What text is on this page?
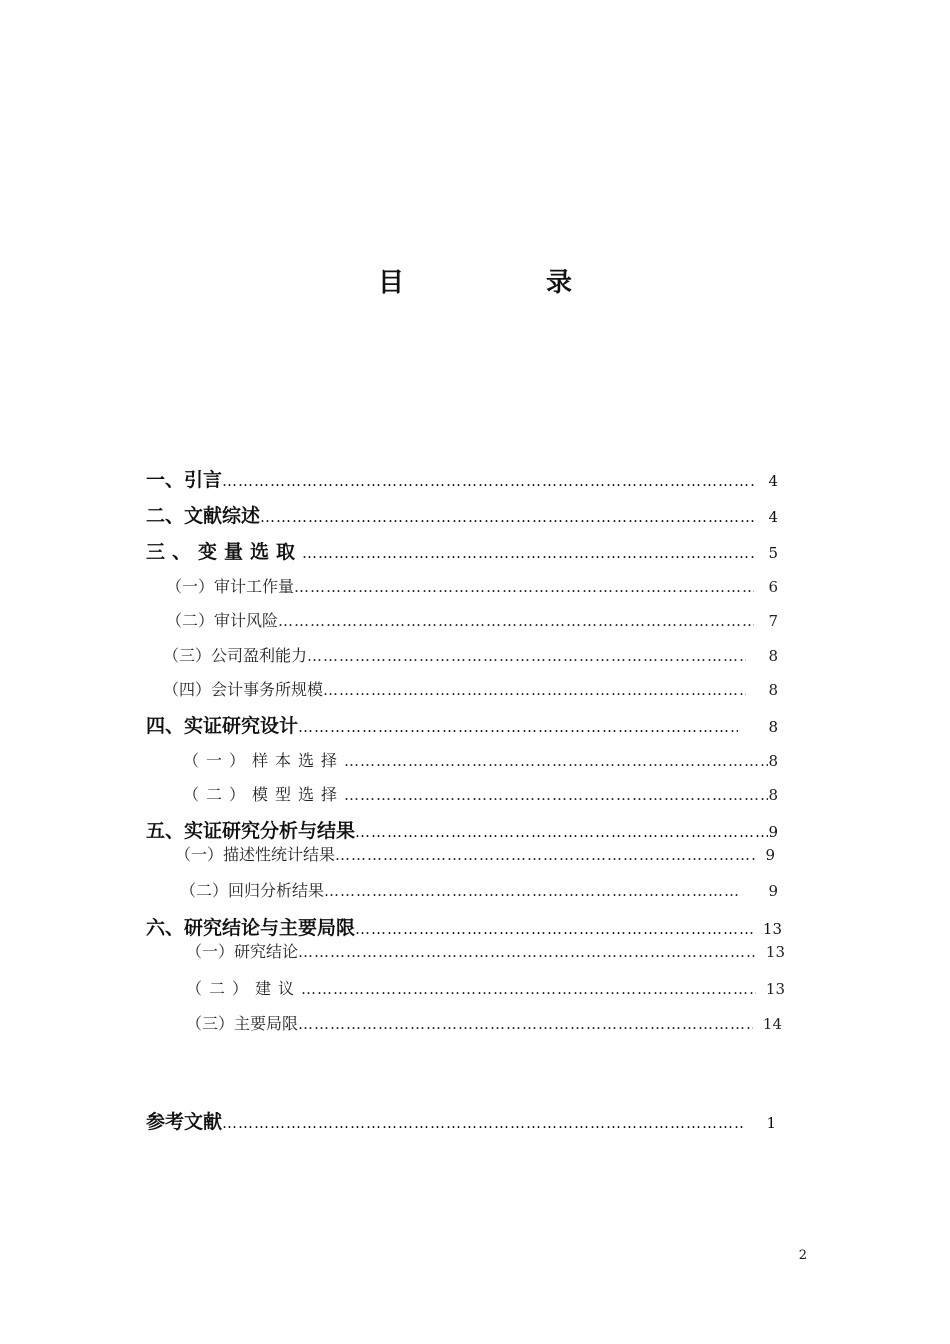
目　录
一、引言 ………………………………………………………………………………………………………………………………………………………………………	4
二、文献综述 ………………………………………………………………………………………………………………………………………………………………………	4
三、变量选取 ………………………………………………………………………………………………………………………………………………………………………	5
（一）审计工作量 ………………………………………………………………………………………………………………………………………………………………………	6
（二）审计风险 ………………………………………………………………………………………………………………………………………………………………………	7
（三）公司盈利能力 ………………………………………………………………………………………………………………………………………………………………………	8
（四）会计事务所规模 ………………………………………………………………………………………………………………………………………………………………………	8
四、实证研究设计 ………………………………………………………………………………………………………………………………………………………………………	8
（一）样本选择 ………………………………………………………………………………………………………………………………………………………………………	8
（二）模型选择 ………………………………………………………………………………………………………………………………………………………………………	8
五、实证研究分析与结果 ………………………………………………………………………………………………………………………………………………………………………	9
（一）描述性统计结果 ………………………………………………………………………………………………………………………………………………………………………	9
（二）回归分析结果 ………………………………………………………………………………………………………………………………………………………………………	9
六、研究结论与主要局限 ………………………………………………………………………………………………………………………………………………………………………	13
（一）研究结论 ………………………………………………………………………………………………………………………………………………………………………	13
（二）建议 ………………………………………………………………………………………………………………………………………………………………………	13
（三）主要局限 ………………………………………………………………………………………………………………………………………………………………………	14
参考文献 ………………………………………………………………………………………………………………………………………………………………………	1
2
